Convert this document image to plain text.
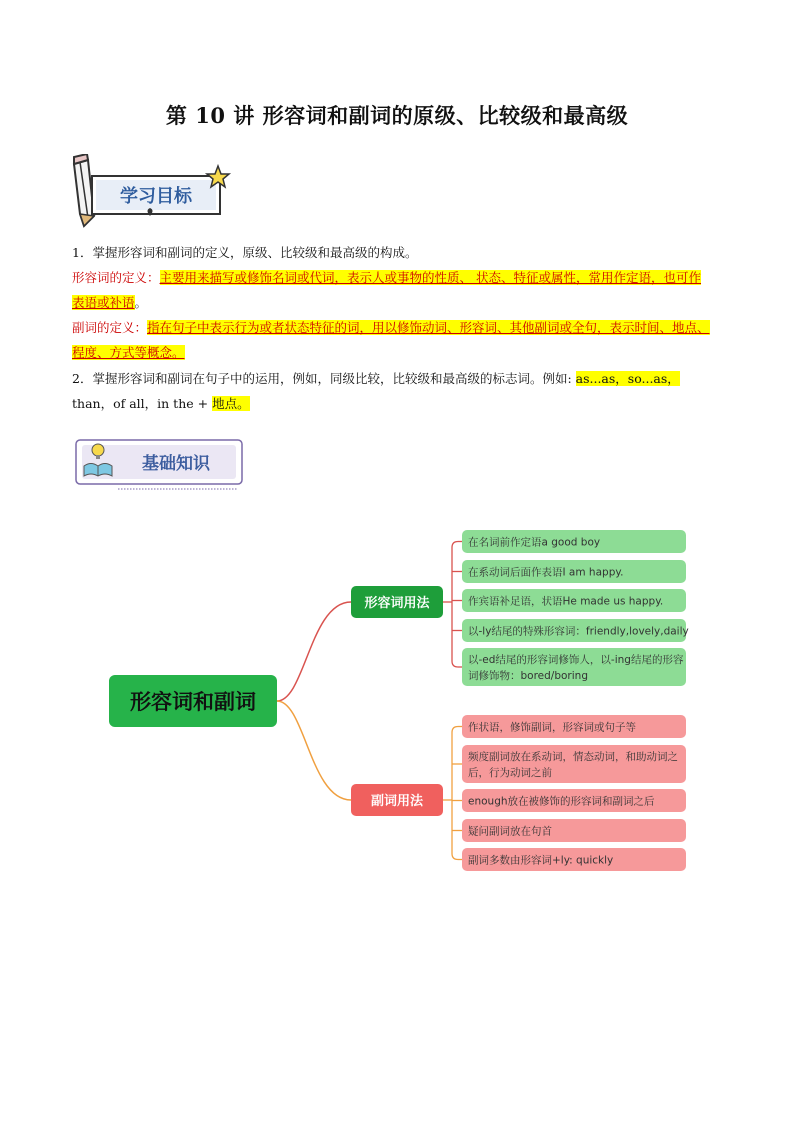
第 10 讲 形容词和副词的原级、比较级和最高级
学习目标
1．掌握形容词和副词的定义，原级、比较级和最高级的构成。
形容词的定义：主要用来描写或修饰名词或代词，表示人或事物的性质、 状态、特征或属性，常用作定语，也可作
表语或补语。
副词的定义：指在句子中表示行为或者状态特征的词，用以修饰动词、形容词、其他副词或全句，表示时间、地点、
程度、方式等概念。
2．掌握形容词和副词在句子中的运用，例如，同级比较，比较级和最高级的标志词。例如: as...as，so...as，
than，of all，in the + 地点。
基础知识
在名词前作定语a good boy
在系动词后面作表语I am happy.
作宾语补足语，状语He made us happy.
以-ly结尾的特殊形容词：friendly,lovely,daily
以-ed结尾的形容词修饰人，以-ing结尾的形容
词修饰物：bored/boring
作状语，修饰副词，形容词或句子等
频度副词放在系动词，情态动词，和助动词之
后，行为动词之前
enough放在被修饰的形容词和副词之后
疑问副词放在句首
副词多数由形容词+ly: quickly
形容词和副词
形容词用法
副词用法
